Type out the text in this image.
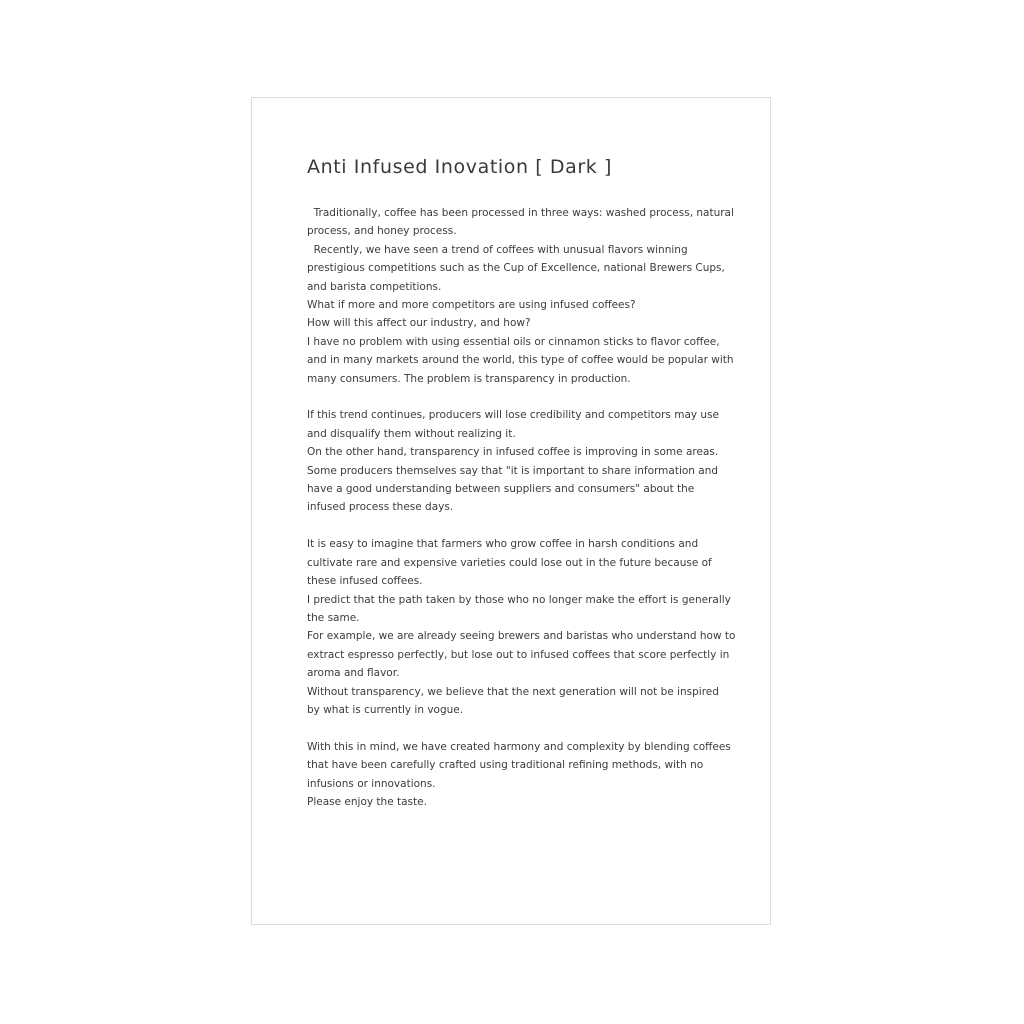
Anti Infused Inovation [ Dark ]

Traditionally, coffee has been processed in three ways: washed process, natural
process, and honey process.
Recently, we have seen a trend of coffees with unusual flavors winning
prestigious competitions such as the Cup of Excellence, national Brewers Cups,
and barista competitions.
What if more and more competitors are using infused coffees?
How will this affect our industry, and how?
I have no problem with using essential oils or cinnamon sticks to flavor coffee,
and in many markets around the world, this type of coffee would be popular with
many consumers. The problem is transparency in production.

If this trend continues, producers will lose credibility and competitors may use
and disqualify them without realizing it.
On the other hand, transparency in infused coffee is improving in some areas.
Some producers themselves say that "it is important to share information and
have a good understanding between suppliers and consumers" about the
infused process these days.

It is easy to imagine that farmers who grow coffee in harsh conditions and
cultivate rare and expensive varieties could lose out in the future because of
these infused coffees.
I predict that the path taken by those who no longer make the effort is generally
the same.
For example, we are already seeing brewers and baristas who understand how to
extract espresso perfectly, but lose out to infused coffees that score perfectly in
aroma and flavor.
Without transparency, we believe that the next generation will not be inspired
by what is currently in vogue.

With this in mind, we have created harmony and complexity by blending coffees
that have been carefully crafted using traditional refining methods, with no
infusions or innovations.
Please enjoy the taste.
